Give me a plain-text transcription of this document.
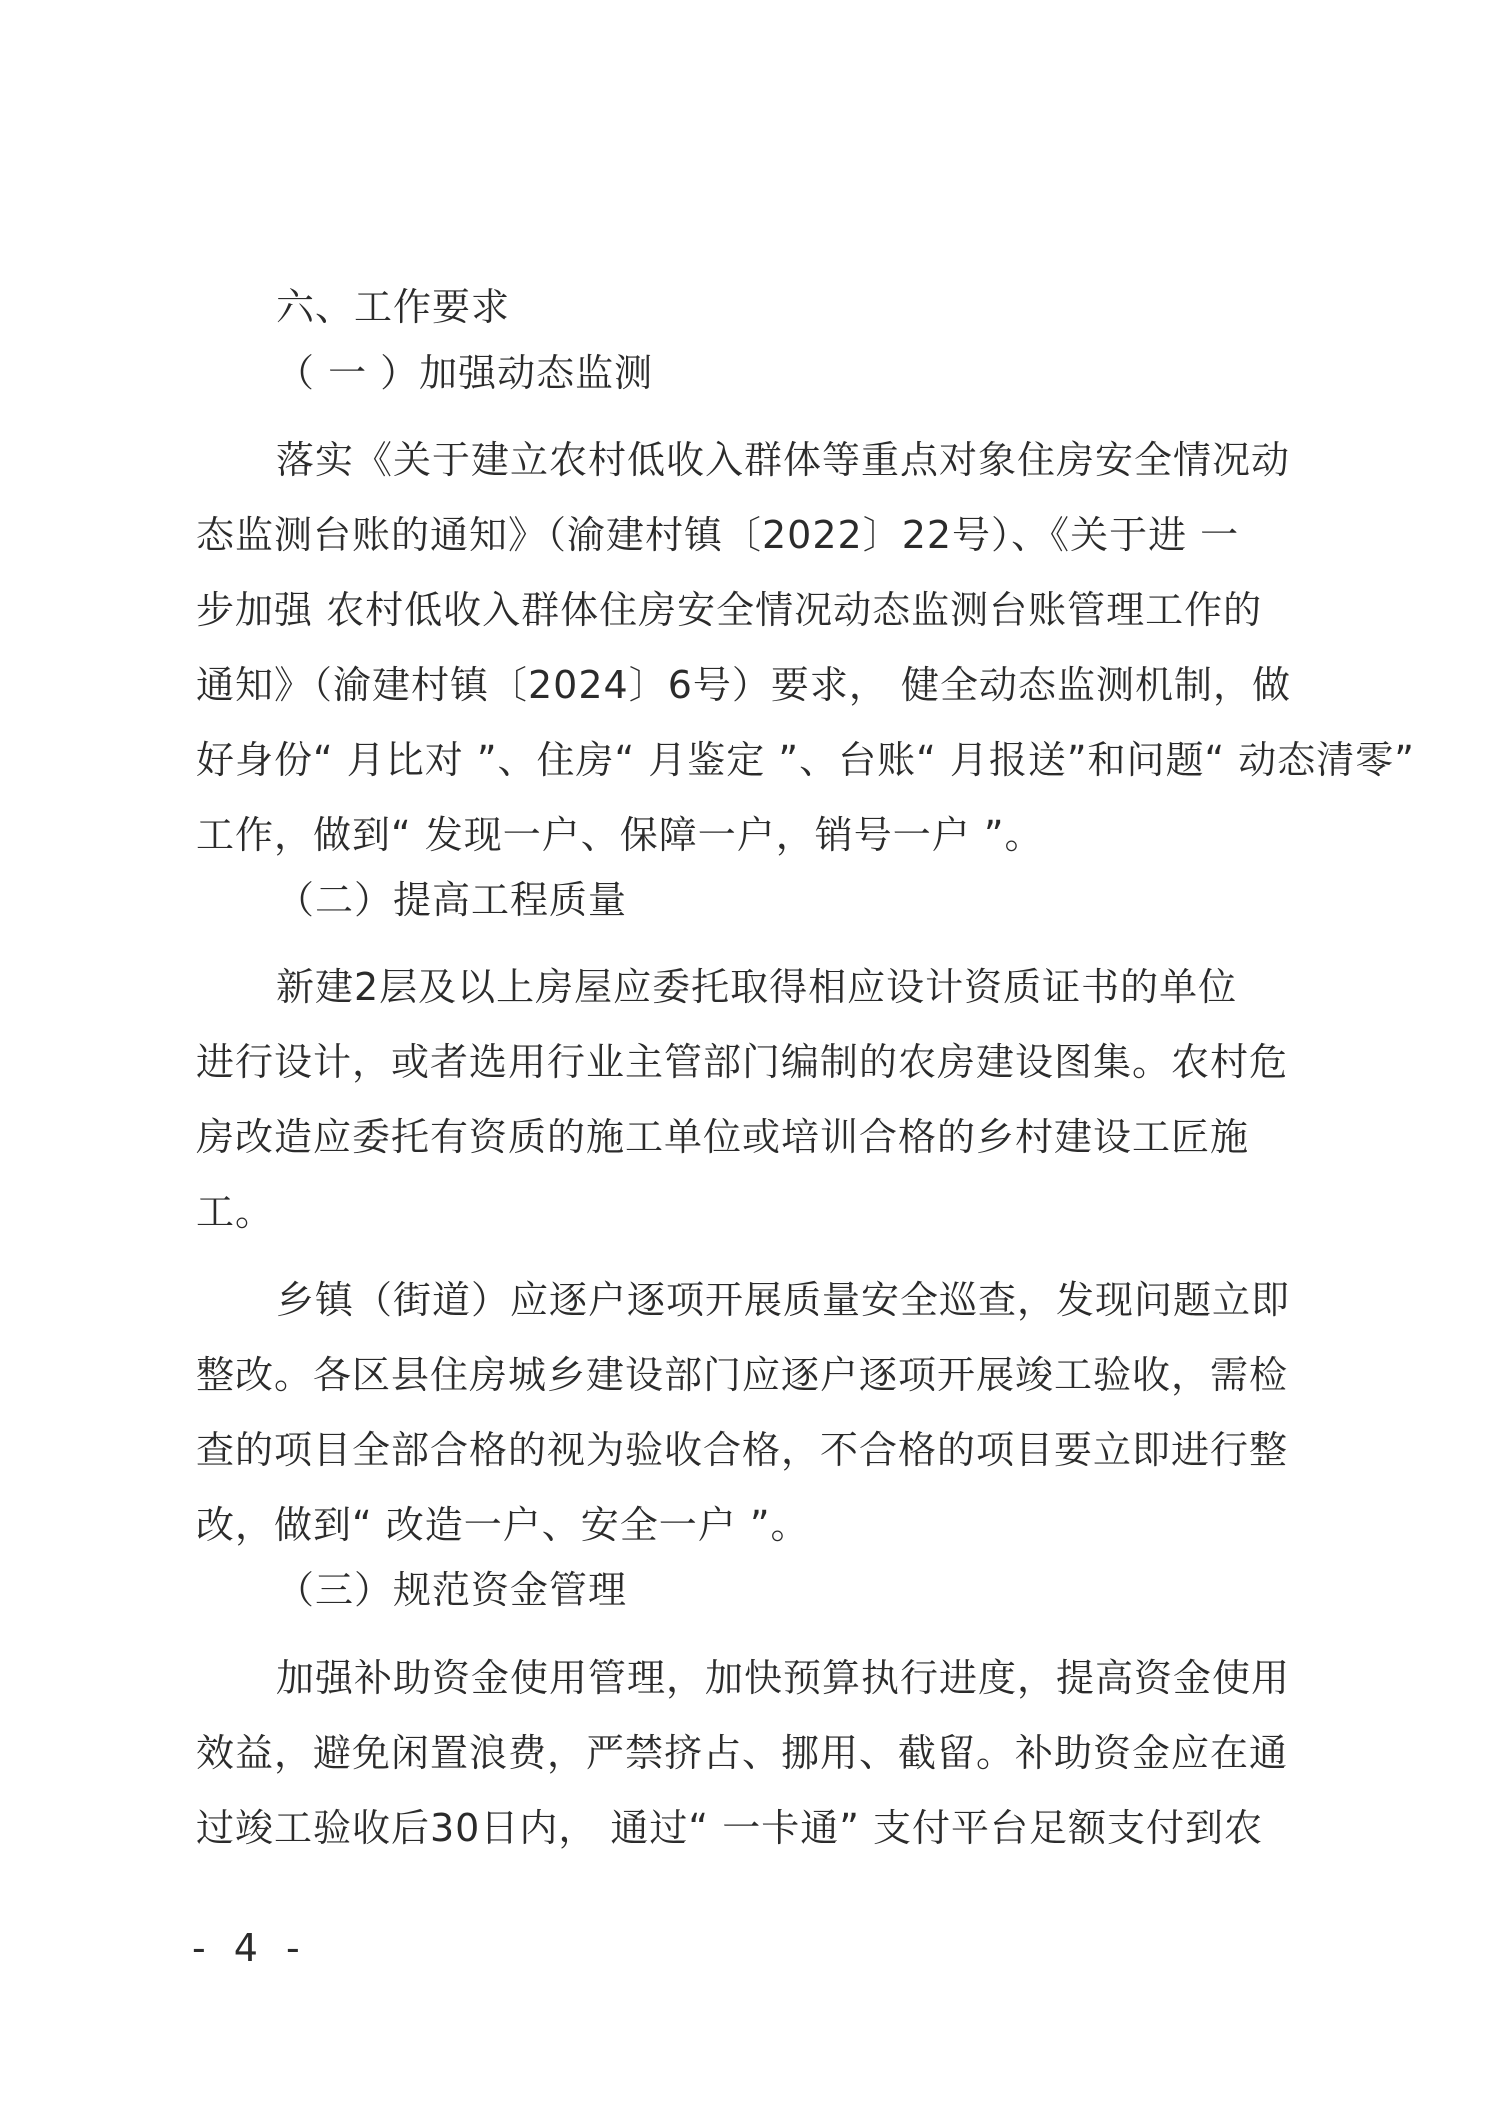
六、工作要求
（ 一 ）加强动态监测
落实《关于建立农村低收入群体等重点对象住房安全情况动
态监测台账的通知》（渝建村镇〔2022〕22号）、《关于进 一
步加强 农村低收入群体住房安全情况动态监测台账管理工作的
通知》（渝建村镇〔2024〕6号）要求， 健全动态监测机制，做
好身份“ 月比对 ”、住房“ 月鉴定 ”、台账“ 月报送”和问题“ 动态清零”
工作，做到“ 发现一户、保障一户，销号一户 ”。
（二）提高工程质量
新建2层及以上房屋应委托取得相应设计资质证书的单位
进行设计，或者选用行业主管部门编制的农房建设图集。农村危
房改造应委托有资质的施工单位或培训合格的乡村建设工匠施
工。
乡镇（街道）应逐户逐项开展质量安全巡查，发现问题立即
整改。各区县住房城乡建设部门应逐户逐项开展竣工验收，需检
查的项目全部合格的视为验收合格，不合格的项目要立即进行整
改，做到“ 改造一户、安全一户 ”。
（三）规范资金管理
加强补助资金使用管理，加快预算执行进度，提高资金使用
效益，避免闲置浪费，严禁挤占、挪用、截留。补助资金应在通
过竣工验收后30日内， 通过“ 一卡通” 支付平台足额支付到农
- 4 -
